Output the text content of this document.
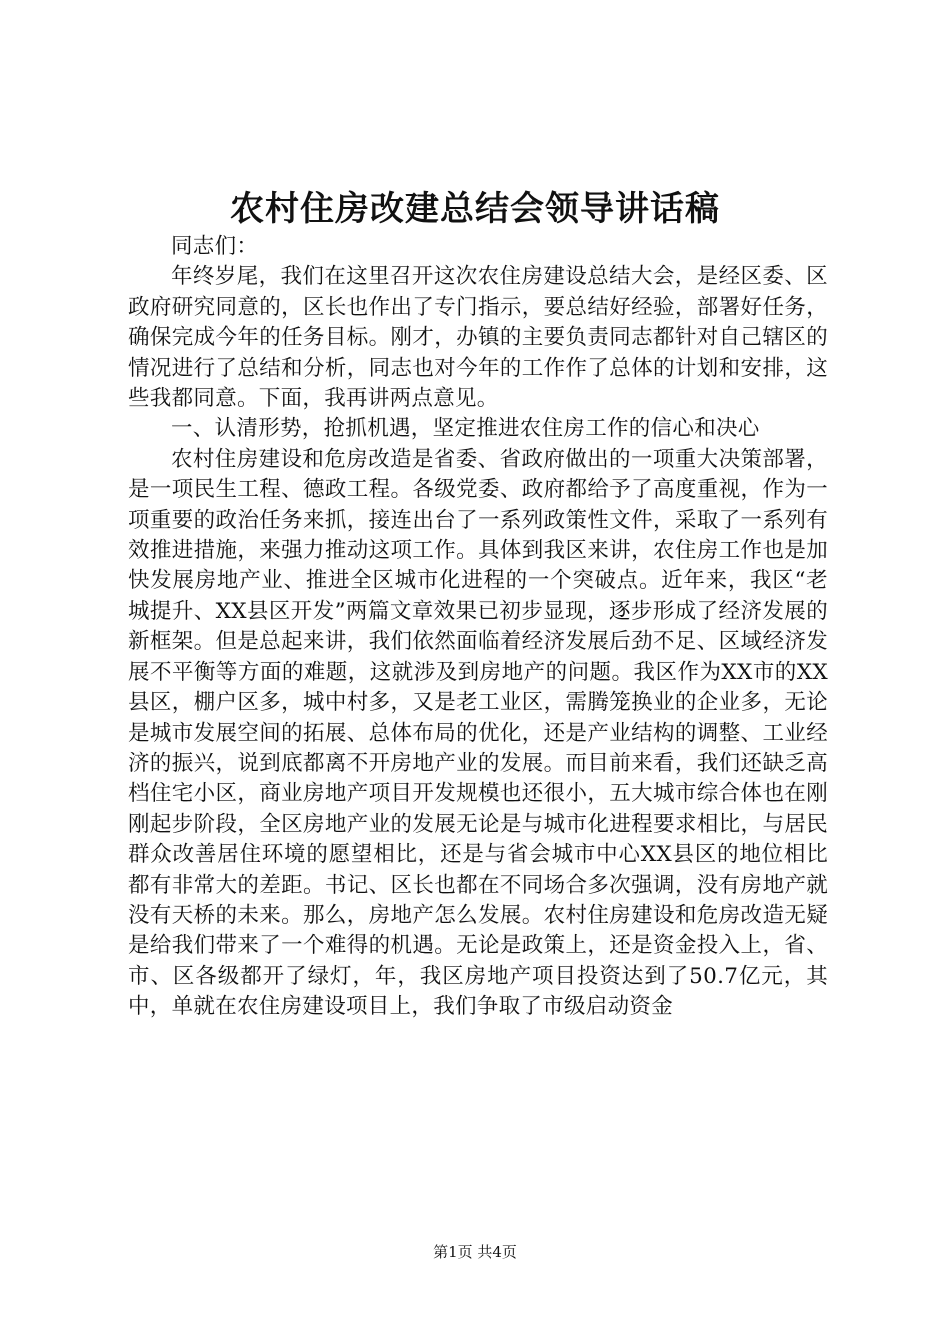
农村住房改建总结会领导讲话稿

同志们：

年终岁尾，我们在这里召开这次农住房建设总结大会，是经区委、区政府研究同意的，区长也作出了专门指示，要总结好经验，部署好任务，确保完成今年的任务目标。刚才，办镇的主要负责同志都针对自己辖区的情况进行了总结和分析，同志也对今年的工作作了总体的计划和安排，这些我都同意。下面，我再讲两点意见。

一、认清形势，抢抓机遇，坚定推进农住房工作的信心和决心

农村住房建设和危房改造是省委、省政府做出的一项重大决策部署，是一项民生工程、德政工程。各级党委、政府都给予了高度重视，作为一项重要的政治任务来抓，接连出台了一系列政策性文件，采取了一系列有效推进措施，来强力推动这项工作。具体到我区来讲，农住房工作也是加快发展房地产业、推进全区城市化进程的一个突破点。近年来，我区“老城提升、XX县区开发”两篇文章效果已初步显现，逐步形成了经济发展的新框架。但是总起来讲，我们依然面临着经济发展后劲不足、区域经济发展不平衡等方面的难题，这就涉及到房地产的问题。我区作为XX市的XX县区，棚户区多，城中村多，又是老工业区，需腾笼换业的企业多，无论是城市发展空间的拓展、总体布局的优化，还是产业结构的调整、工业经济的振兴，说到底都离不开房地产业的发展。而目前来看，我们还缺乏高档住宅小区，商业房地产项目开发规模也还很小，五大城市综合体也在刚刚起步阶段，全区房地产业的发展无论是与城市化进程要求相比，与居民群众改善居住环境的愿望相比，还是与省会城市中心XX县区的地位相比都有非常大的差距。书记、区长也都在不同场合多次强调，没有房地产就没有天桥的未来。那么，房地产怎么发展。农村住房建设和危房改造无疑是给我们带来了一个难得的机遇。无论是政策上，还是资金投入上，省、市、区各级都开了绿灯，年，我区房地产项目投资达到了50.7亿元，其中，单就在农住房建设项目上，我们争取了市级启动资金

第1页 共4页
